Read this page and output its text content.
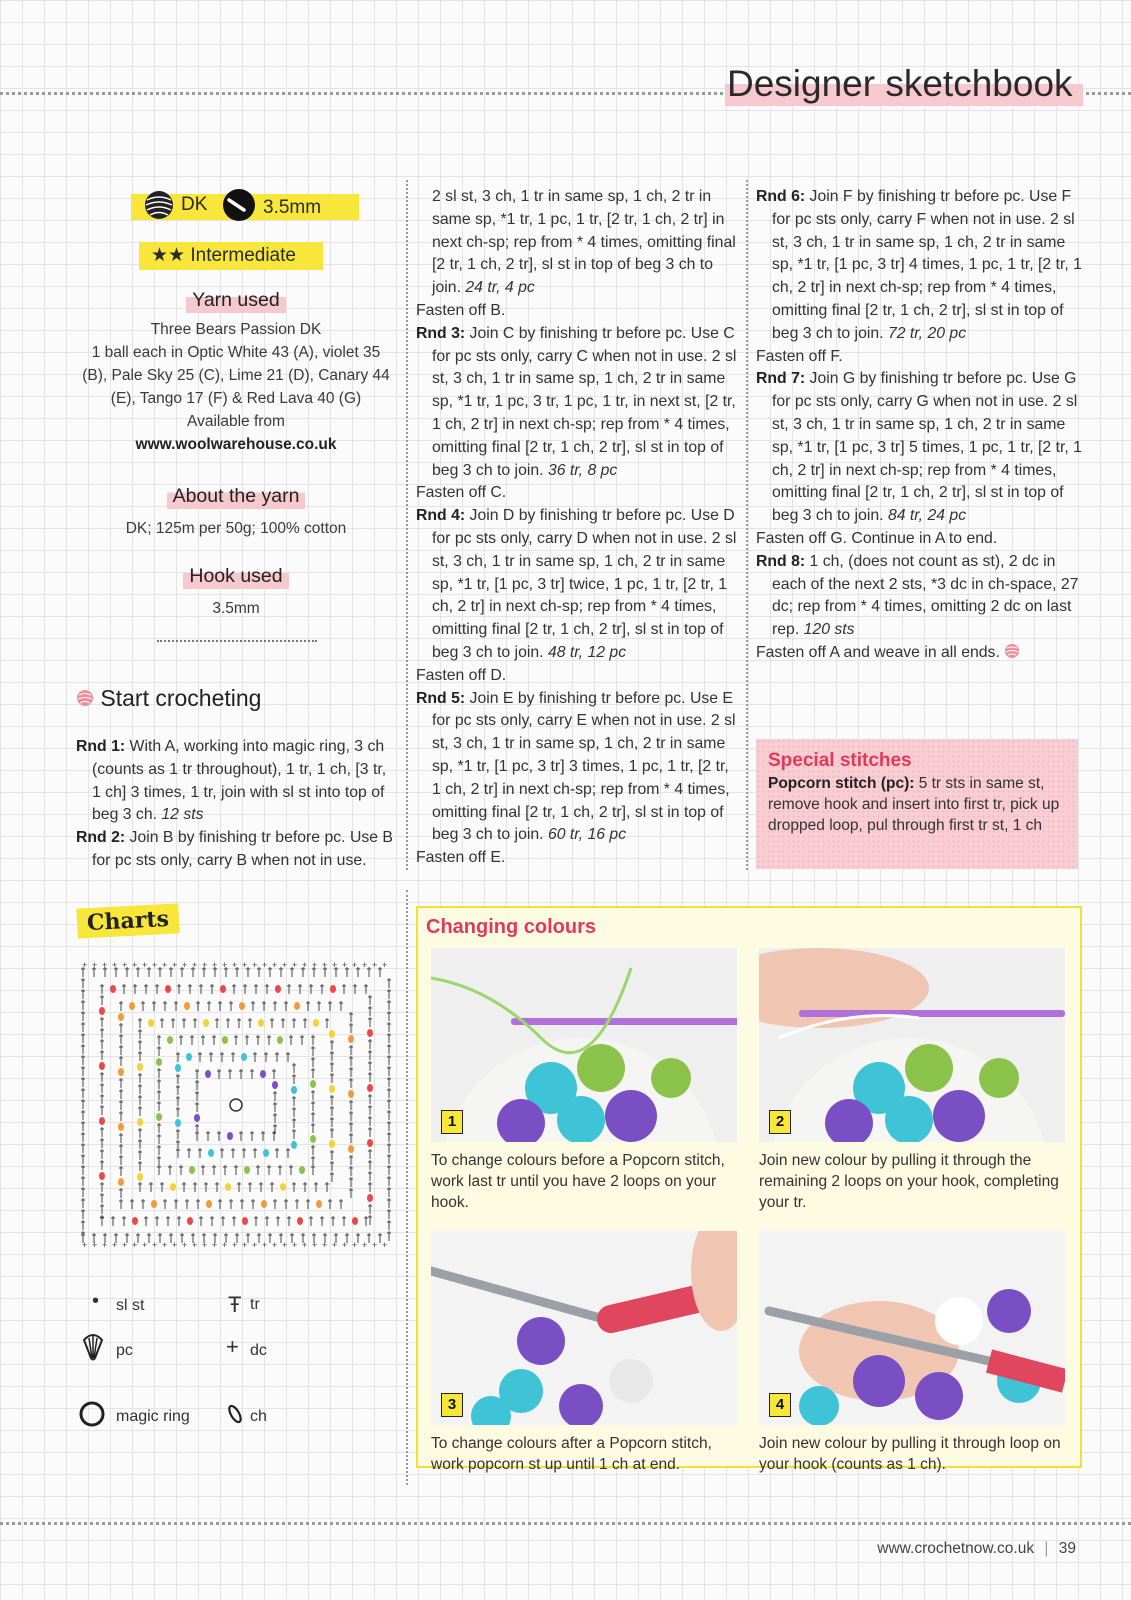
Designer sketchbook
DK	3.5mm
★★ Intermediate
Yarn used
Three Bears Passion DK
1 ball each in Optic White 43 (A), violet 35
(B), Pale Sky 25 (C), Lime 21 (D), Canary 44
(E), Tango 17 (F) & Red Lava 40 (G)
Available from
www.woolwarehouse.co.uk
About the yarn
DK; 125m per 50g; 100% cotton
Hook used
3.5mm
Start crocheting

Rnd 1: With A, working into magic ring, 3 ch (counts as 1 tr throughout), 1 tr, 1 ch, [3 tr, 1 ch] 3 times, 1 tr, join with sl st into top of beg 3 ch. 12 sts

Rnd 2: Join B by finishing tr before pc. Use B for pc sts only, carry B when not in use.

2 sl st, 3 ch, 1 tr in same sp, 1 ch, 2 tr in same sp, *1 tr, 1 pc, 1 tr, [2 tr, 1 ch, 2 tr] in next ch-sp; rep from * 4 times, omitting final [2 tr, 1 ch, 2 tr], sl st in top of beg 3 ch to join. 24 tr, 4 pc

Fasten off B.

Rnd 3: Join C by finishing tr before pc. Use C for pc sts only, carry C when not in use. 2 sl st, 3 ch, 1 tr in same sp, 1 ch, 2 tr in same sp, *1 tr, 1 pc, 3 tr, 1 pc, 1 tr, in next st, [2 tr, 1 ch, 2 tr] in next ch-sp; rep from * 4 times, omitting final [2 tr, 1 ch, 2 tr], sl st in top of beg 3 ch to join. 36 tr, 8 pc

Fasten off C.

Rnd 4: Join D by finishing tr before pc. Use D for pc sts only, carry D when not in use. 2 sl st, 3 ch, 1 tr in same sp, 1 ch, 2 tr in same sp, *1 tr, [1 pc, 3 tr] twice, 1 pc, 1 tr, [2 tr, 1 ch, 2 tr] in next ch-sp; rep from * 4 times, omitting final [2 tr, 1 ch, 2 tr], sl st in top of beg 3 ch to join. 48 tr, 12 pc

Fasten off D.

Rnd 5: Join E by finishing tr before pc. Use E for pc sts only, carry E when not in use. 2 sl st, 3 ch, 1 tr in same sp, 1 ch, 2 tr in same sp, *1 tr, [1 pc, 3 tr] 3 times, 1 pc, 1 tr, [2 tr, 1 ch, 2 tr] in next ch-sp; rep from * 4 times, omitting final [2 tr, 1 ch, 2 tr], sl st in top of beg 3 ch to join. 60 tr, 16 pc

Fasten off E.

Rnd 6: Join F by finishing tr before pc. Use F for pc sts only, carry F when not in use. 2 sl st, 3 ch, 1 tr in same sp, 1 ch, 2 tr in same sp, *1 tr, [1 pc, 3 tr] 4 times, 1 pc, 1 tr, [2 tr, 1 ch, 2 tr] in next ch-sp; rep from * 4 times, omitting final [2 tr, 1 ch, 2 tr], sl st in top of beg 3 ch to join. 72 tr, 20 pc

Fasten off F.

Rnd 7: Join G by finishing tr before pc. Use G for pc sts only, carry G when not in use. 2 sl st, 3 ch, 1 tr in same sp, 1 ch, 2 tr in same sp, *1 tr, [1 pc, 3 tr] 5 times, 1 pc, 1 tr, [2 tr, 1 ch, 2 tr] in next ch-sp; rep from * 4 times, omitting final [2 tr, 1 ch, 2 tr], sl st in top of beg 3 ch to join. 84 tr, 24 pc

Fasten off G. Continue in A to end.

Rnd 8: 1 ch, (does not count as st), 2 dc in each of the next 2 sts, *3 dc in ch-space, 27 dc; rep from * 4 times, omitting 2 dc on last rep. 120 sts

Fasten off A and weave in all ends.

Special stitches
Popcorn stitch (pc): 5 tr sts in same st, remove hook and insert into first tr, pick up dropped loop, pul through first tr st, 1 ch
Changing colours
1
To change colours before a Popcorn stitch, work last tr until you have 2 loops on your hook.
2
Join new colour by pulling it through the remaining 2 loops on your hook, completing your tr.
3
To change colours after a Popcorn stitch, work popcorn st up until 1 ch at end.
4
Join new colour by pulling it through loop on your hook (counts as 1 ch).
Charts
+
+
+
+
+
+
+
+
+
+
+
+
+
+
+
+
+
+
+
+
+
+
+
+
+
+
+
+
+
+
+
+
+
+
+
+
+
+
+
+
+
+
+
+
+
+
+
+
+
+
+
+
+
+
+
+
+
+
+
+
+
+
• sl st	Ŧ tr
pc	+ dc
magic ring	ch
www.crochetnow.co.uk | 39
